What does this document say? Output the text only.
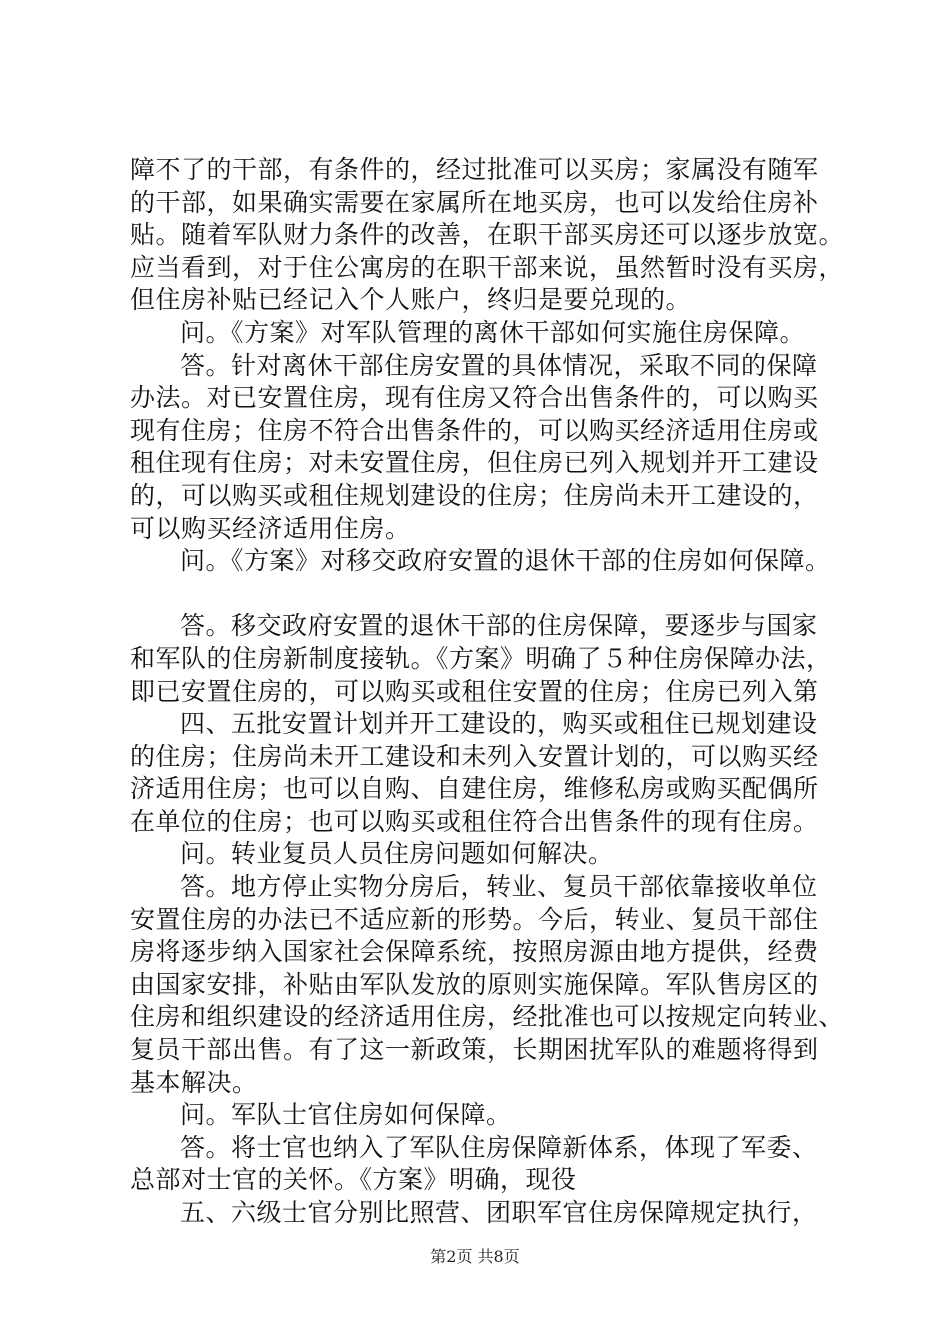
障不了的干部，有条件的，经过批准可以买房；家属没有随军
的干部，如果确实需要在家属所在地买房，也可以发给住房补
贴。随着军队财力条件的改善，在职干部买房还可以逐步放宽。
应当看到，对于住公寓房的在职干部来说，虽然暂时没有买房，
但住房补贴已经记入个人账户，终归是要兑现的。
问。《方案》对军队管理的离休干部如何实施住房保障。
答。针对离休干部住房安置的具体情况，采取不同的保障
办法。对已安置住房，现有住房又符合出售条件的，可以购买
现有住房；住房不符合出售条件的，可以购买经济适用住房或
租住现有住房；对未安置住房，但住房已列入规划并开工建设
的，可以购买或租住规划建设的住房；住房尚未开工建设的，
可以购买经济适用住房。
问。《方案》对移交政府安置的退休干部的住房如何保障。
答。移交政府安置的退休干部的住房保障，要逐步与国家
和军队的住房新制度接轨。《方案》明确了５种住房保障办法，
即已安置住房的，可以购买或租住安置的住房；住房已列入第
四、五批安置计划并开工建设的，购买或租住已规划建设
的住房；住房尚未开工建设和未列入安置计划的，可以购买经
济适用住房；也可以自购、自建住房，维修私房或购买配偶所
在单位的住房；也可以购买或租住符合出售条件的现有住房。
问。转业复员人员住房问题如何解决。
答。地方停止实物分房后，转业、复员干部依靠接收单位
安置住房的办法已不适应新的形势。今后，转业、复员干部住
房将逐步纳入国家社会保障系统，按照房源由地方提供，经费
由国家安排，补贴由军队发放的原则实施保障。军队售房区的
住房和组织建设的经济适用住房，经批准也可以按规定向转业、
复员干部出售。有了这一新政策，长期困扰军队的难题将得到
基本解决。
问。军队士官住房如何保障。
答。将士官也纳入了军队住房保障新体系，体现了军委、
总部对士官的关怀。《方案》明确，现役
五、六级士官分别比照营、团职军官住房保障规定执行，
第2页 共8页
